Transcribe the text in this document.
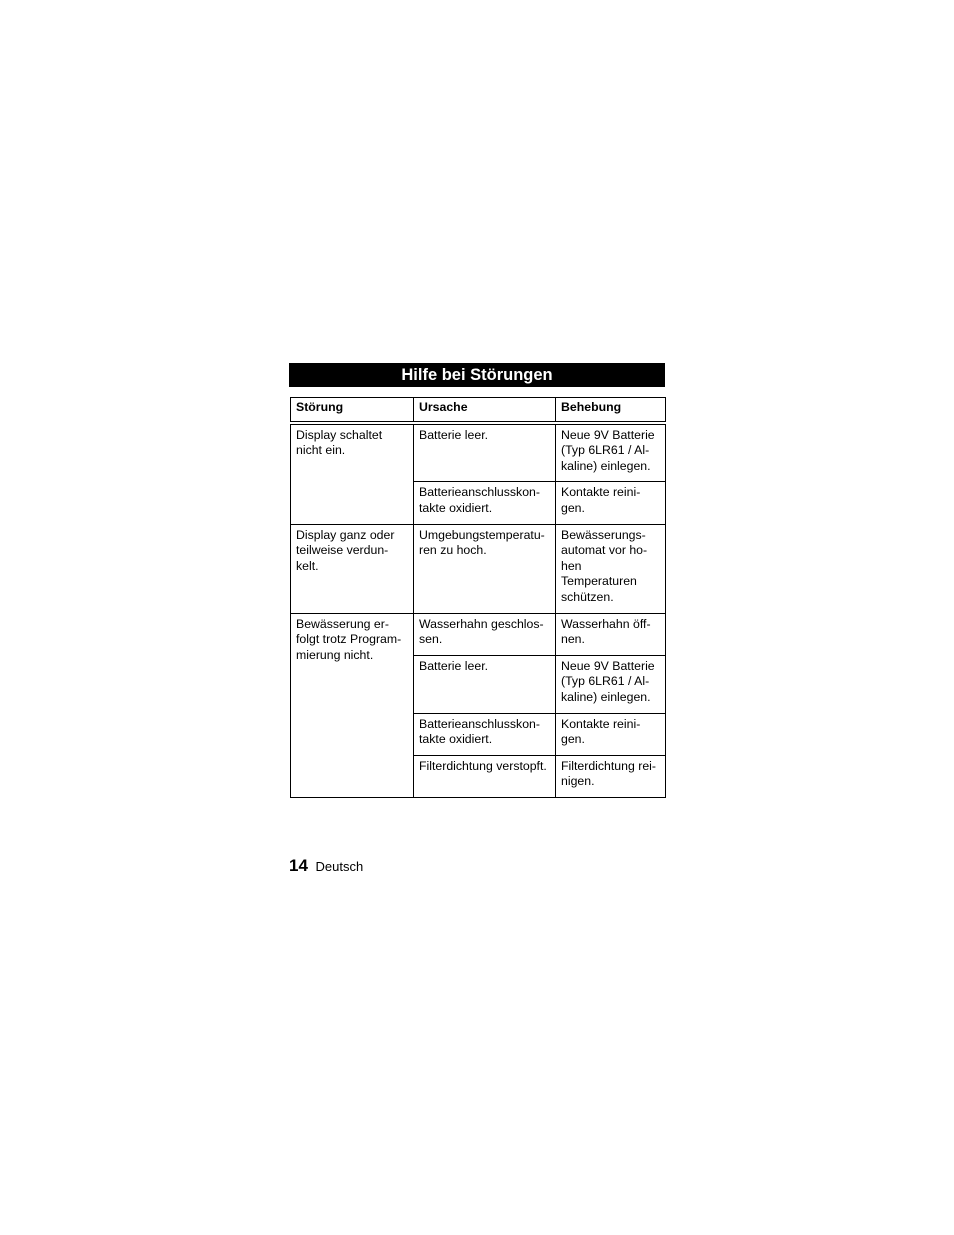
Hilfe bei Störungen
Störung	Ursache	Behebung
Display schaltet nicht ein.	Batterie leer.	Neue 9V Batterie (Typ 6LR61 / Al-kaline) einlegen.
	Batterieanschlusskon-takte oxidiert.	Kontakte reini-gen.
Display ganz oder teilweise verdun-kelt.	Umgebungstemperatu-ren zu hoch.	Bewässerungs-automat vor ho-hen Temperaturen schützen.
Bewässerung er-folgt trotz Program-mierung nicht.	Wasserhahn geschlos-sen.	Wasserhahn öff-nen.
	Batterie leer.	Neue 9V Batterie (Typ 6LR61 / Al-kaline) einlegen.
	Batterieanschlusskon-takte oxidiert.	Kontakte reini-gen.
	Filterdichtung verstopft.	Filterdichtung rei-nigen.
14 Deutsch
